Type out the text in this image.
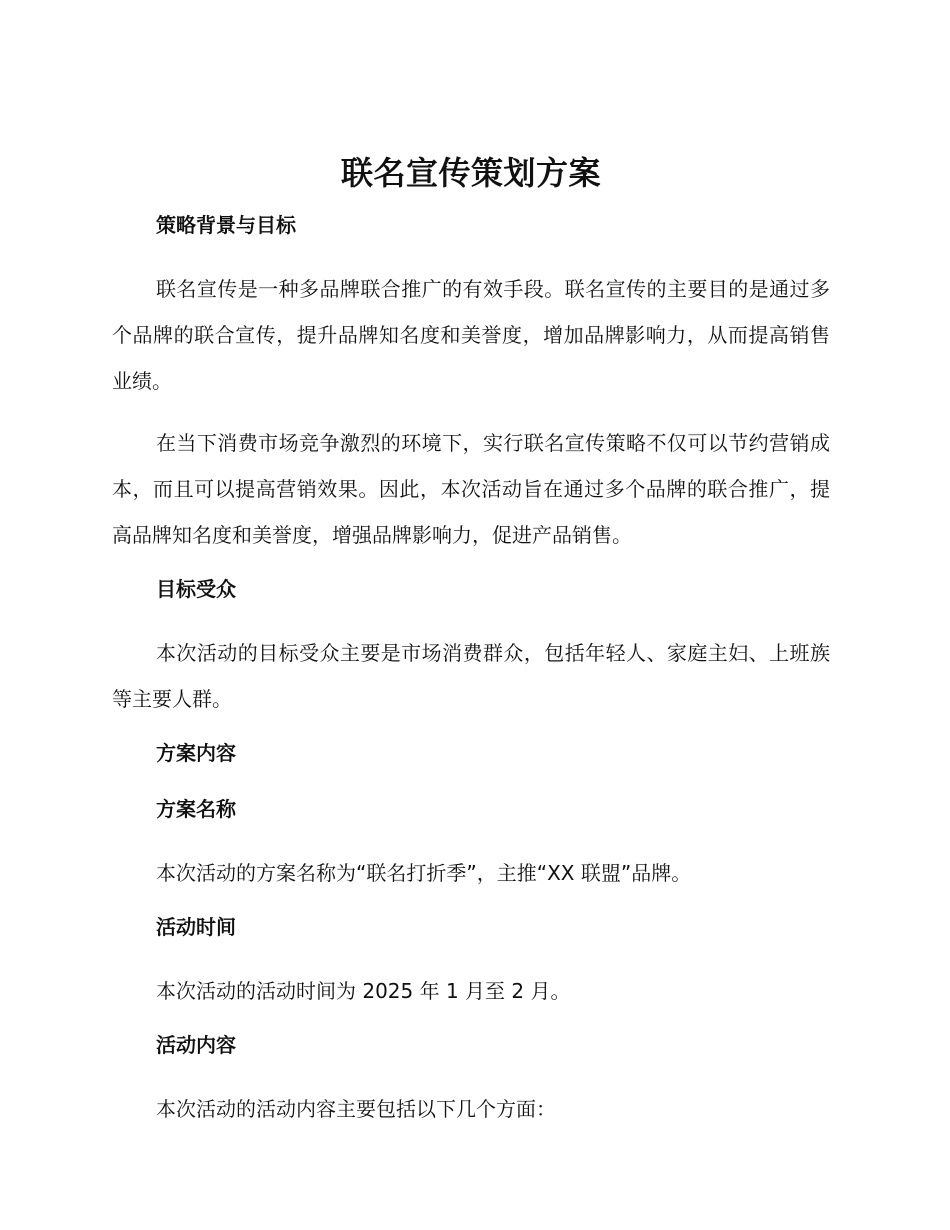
联名宣传策划方案
策略背景与目标

联名宣传是一种多品牌联合推广的有效手段。联名宣传的主要目的是通过多个品牌的联合宣传，提升品牌知名度和美誉度，增加品牌影响力，从而提高销售业绩。

在当下消费市场竞争激烈的环境下，实行联名宣传策略不仅可以节约营销成本，而且可以提高营销效果。因此，本次活动旨在通过多个品牌的联合推广，提高品牌知名度和美誉度，增强品牌影响力，促进产品销售。

目标受众

本次活动的目标受众主要是市场消费群众，包括年轻人、家庭主妇、上班族等主要人群。

方案内容
方案名称

本次活动的方案名称为“联名打折季”，主推“XX 联盟”品牌。

活动时间

本次活动的活动时间为 2025 年 1 月至 2 月。

活动内容

本次活动的活动内容主要包括以下几个方面：
